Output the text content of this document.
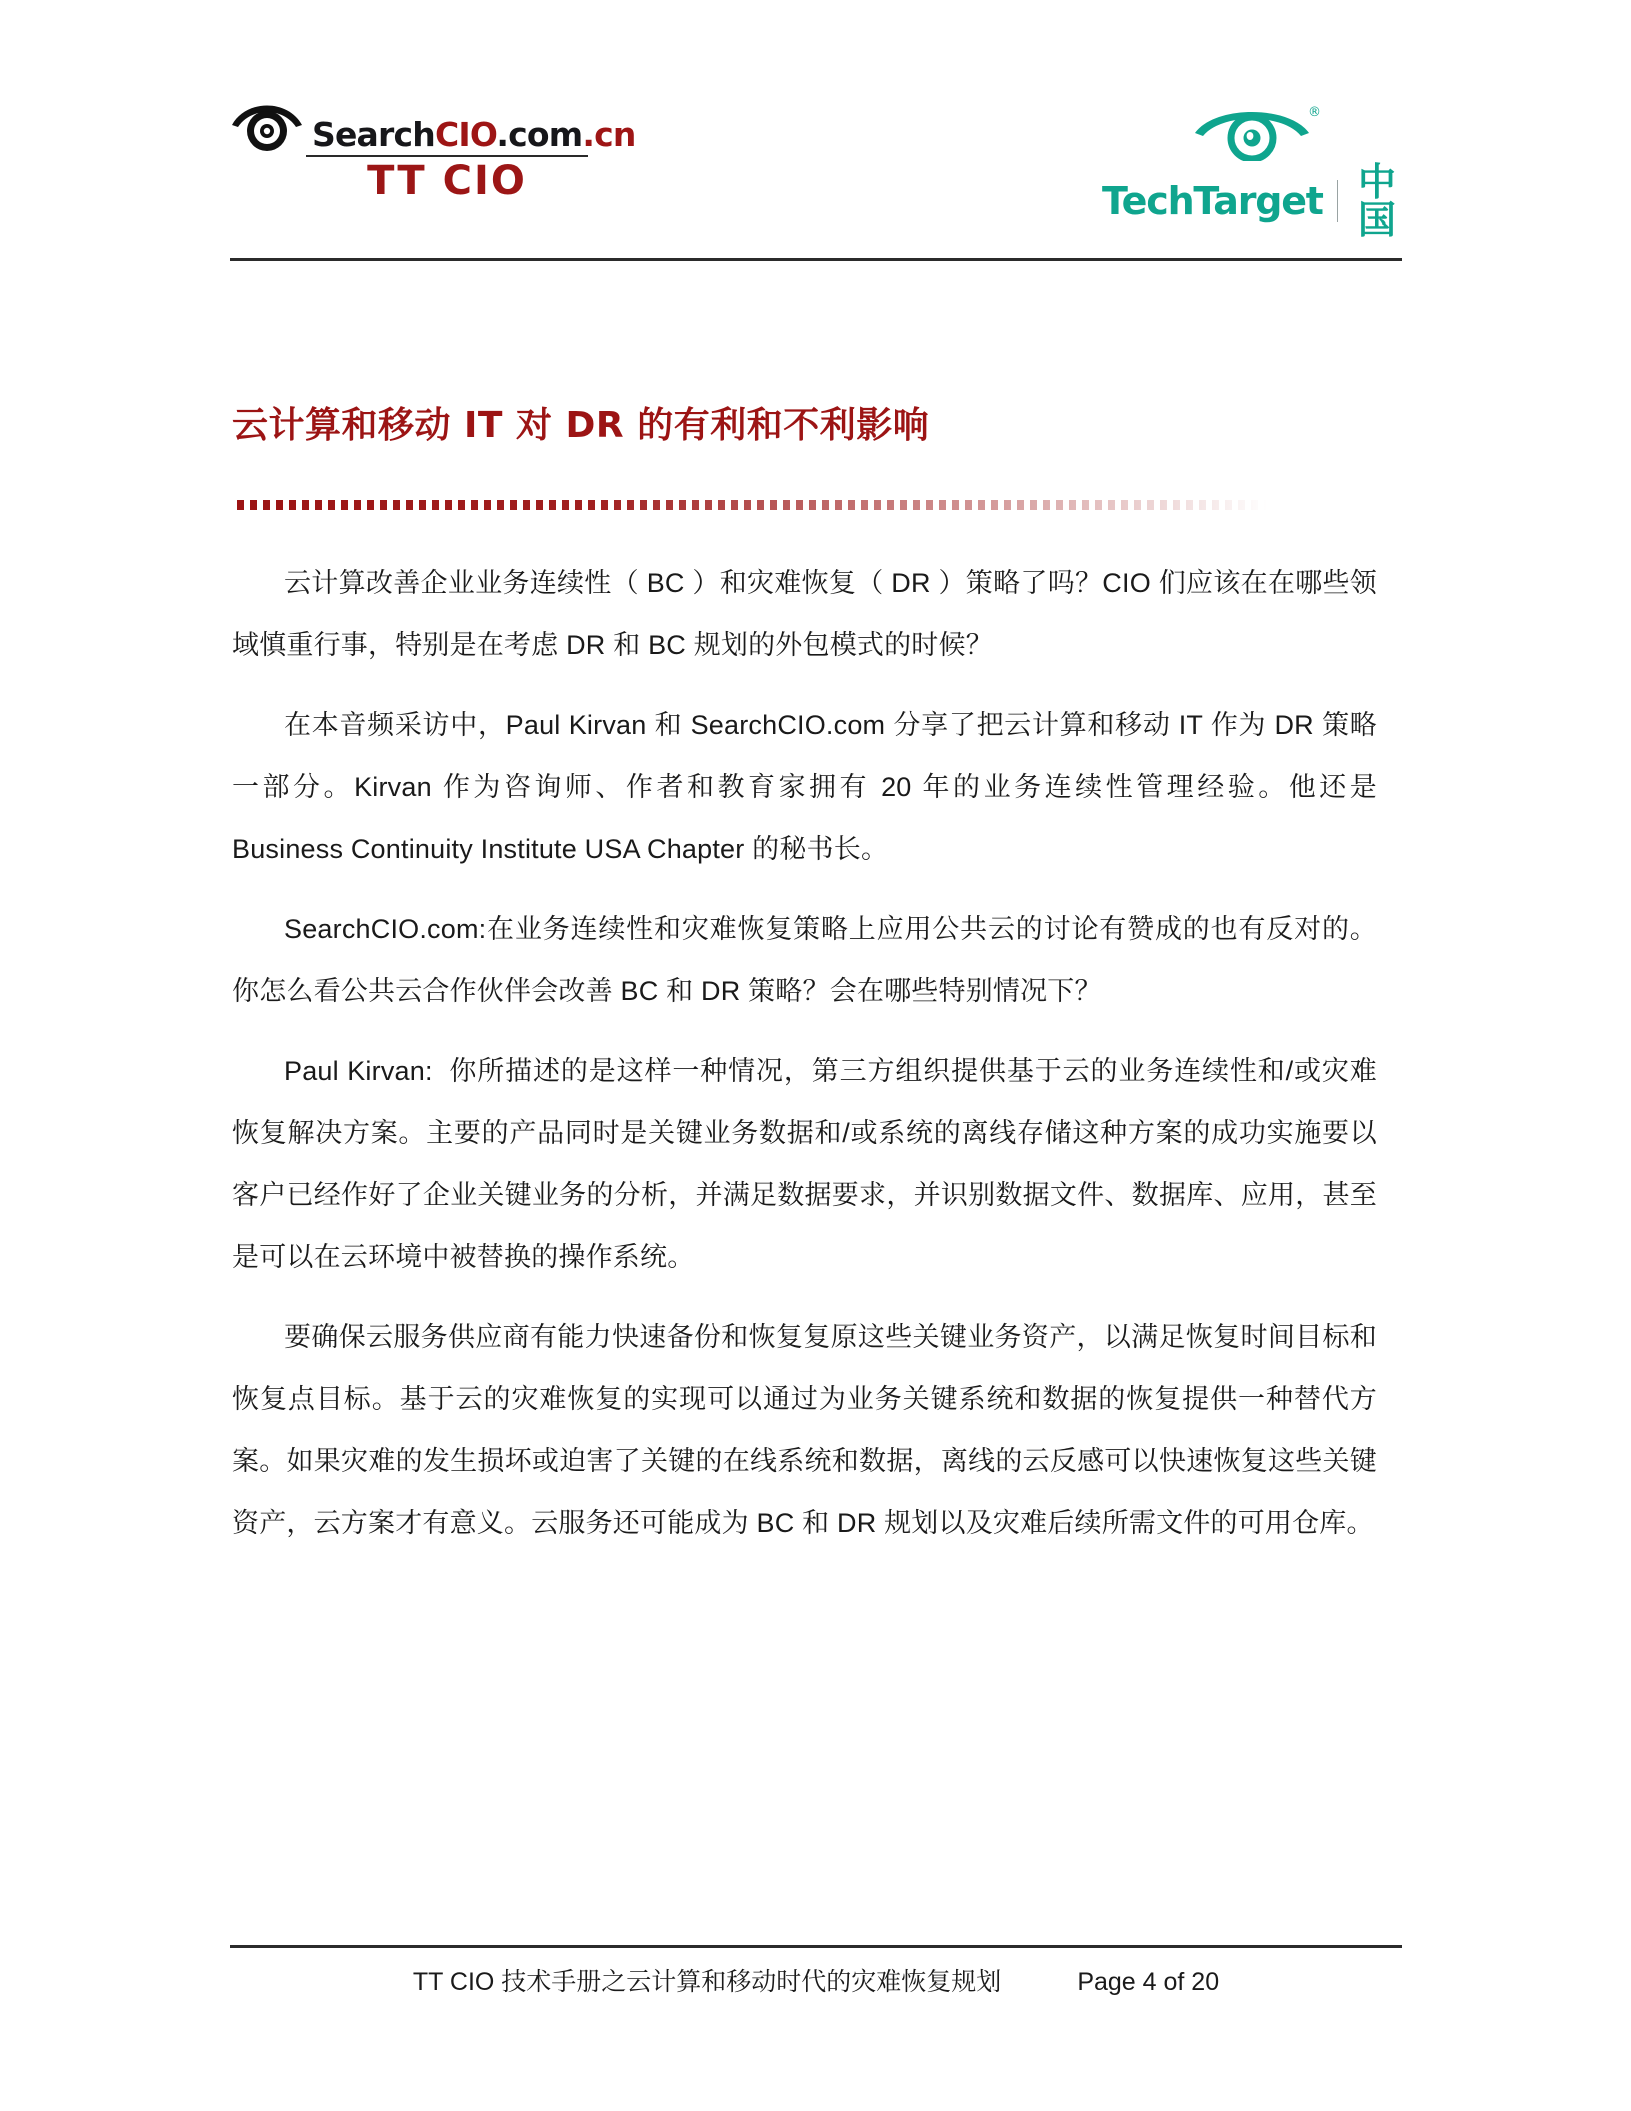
SearchCIO.com.cn
TT CIO
®
TechTarget 中国
云计算和移动 IT 对 DR 的有利和不利影响

云计算改善企业业务连续性（ BC ）和灾难恢复（ DR ）策略了吗？CIO 们应该在在哪些领域慎重行事，特别是在考虑 DR 和 BC 规划的外包模式的时候？

在本音频采访中，Paul Kirvan 和 SearchCIO.com 分享了把云计算和移动 IT 作为 DR 策略一部分。Kirvan 作为咨询师、作者和教育家拥有 20 年的业务连续性管理经验。他还是 Business Continuity Institute USA Chapter 的秘书长。

SearchCIO.com:在业务连续性和灾难恢复策略上应用公共云的讨论有赞成的也有反对的。你怎么看公共云合作伙伴会改善 BC 和 DR 策略？会在哪些特别情况下？

Paul Kirvan:  你所描述的是这样一种情况，第三方组织提供基于云的业务连续性和/或灾难恢复解决方案。主要的产品同时是关键业务数据和/或系统的离线存储这种方案的成功实施要以客户已经作好了企业关键业务的分析，并满足数据要求，并识别数据文件、数据库、应用，甚至是可以在云环境中被替换的操作系统。

要确保云服务供应商有能力快速备份和恢复复原这些关键业务资产，以满足恢复时间目标和恢复点目标。基于云的灾难恢复的实现可以通过为业务关键系统和数据的恢复提供一种替代方案。如果灾难的发生损坏或迫害了关键的在线系统和数据，离线的云反感可以快速恢复这些关键资产，云方案才有意义。云服务还可能成为 BC 和 DR 规划以及灾难后续所需文件的可用仓库。

TT CIO 技术手册之云计算和移动时代的灾难恢复规划	Page 4 of 20
